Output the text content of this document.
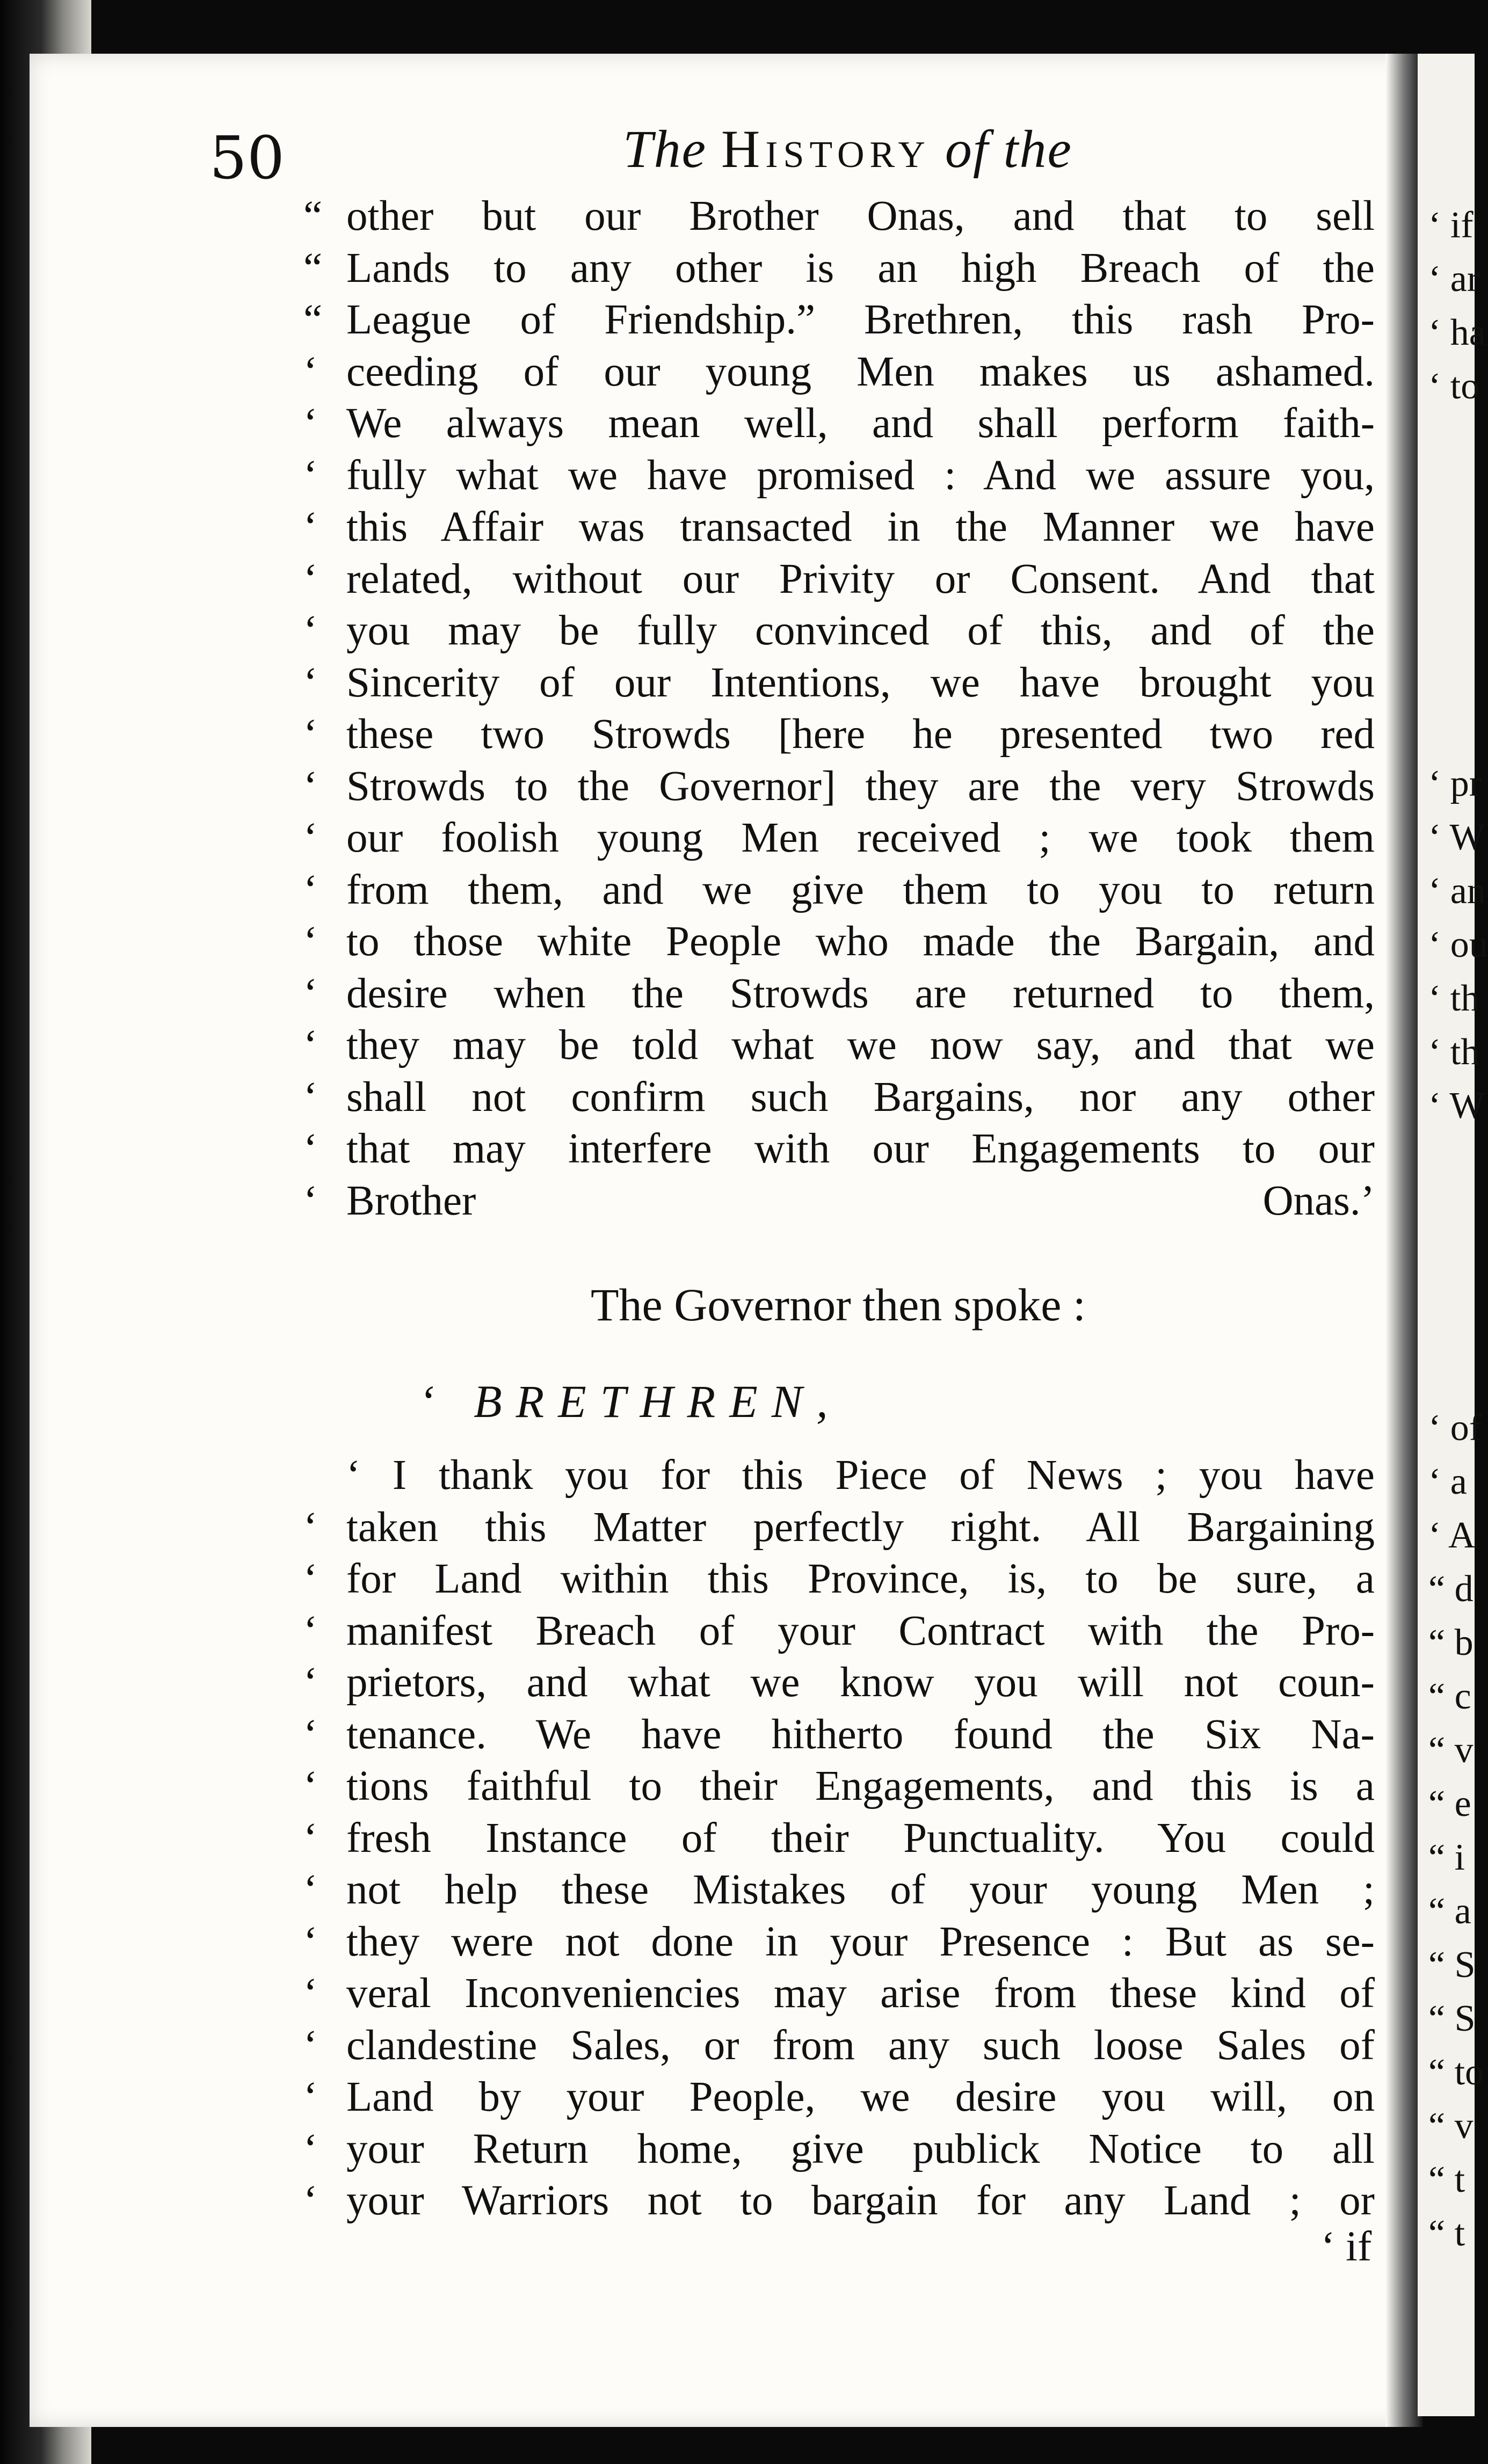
50	The History of the
“ other but our Brother Onas, and that to sell
“ Lands to any other is an high Breach of the
“ League of Friendship.” Brethren, this rash Pro-
‘ ceeding of our young Men makes us ashamed.
‘ We always mean well, and shall perform faith-
‘ fully what we have promised : And we assure you,
‘ this Affair was transacted in the Manner we have
‘ related, without our Privity or Consent. And that
‘ you may be fully convinced of this, and of the
‘ Sincerity of our Intentions, we have brought you
‘ these two Strowds [here he presented two red
‘ Strowds to the Governor] they are the very Strowds
‘ our foolish young Men received ; we took them
‘ from them, and we give them to you to return
‘ to those white People who made the Bargain, and
‘ desire when the Strowds are returned to them,
‘ they may be told what we now say, and that we
‘ shall not confirm such Bargains, nor any other
‘ that may interfere with our Engagements to our
‘ Brother Onas.’
The Governor then spoke :
‘ BRETHREN,
‘ I thank you for this Piece of News ; you have
‘ taken this Matter perfectly right. All Bargaining
‘ for Land within this Province, is, to be sure, a
‘ manifest Breach of your Contract with the Pro-
‘ prietors, and what we know you will not coun-
‘ tenance. We have hitherto found the Six Na-
‘ tions faithful to their Engagements, and this is a
‘ fresh Instance of their Punctuality. You could
‘ not help these Mistakes of your young Men ;
‘ they were not done in your Presence : But as se-
‘ veral Inconveniencies may arise from these kind of
‘ clandestine Sales, or from any such loose Sales of
‘ Land by your People, we desire you will, on
‘ your Return home, give publick Notice to all
‘ your Warriors not to bargain for any Land ; or
‘ if
‘ if
‘ ar
‘ ha
‘ to
‘ pr
‘ W
‘ an
‘ ou
‘ th
‘ th
‘ W
‘ of
‘ a
‘ A
“ d
“ b
“ c
“ v
“ e
“ i
“ a
“ S
“ S
“ to
“ v
“ t
“ t
